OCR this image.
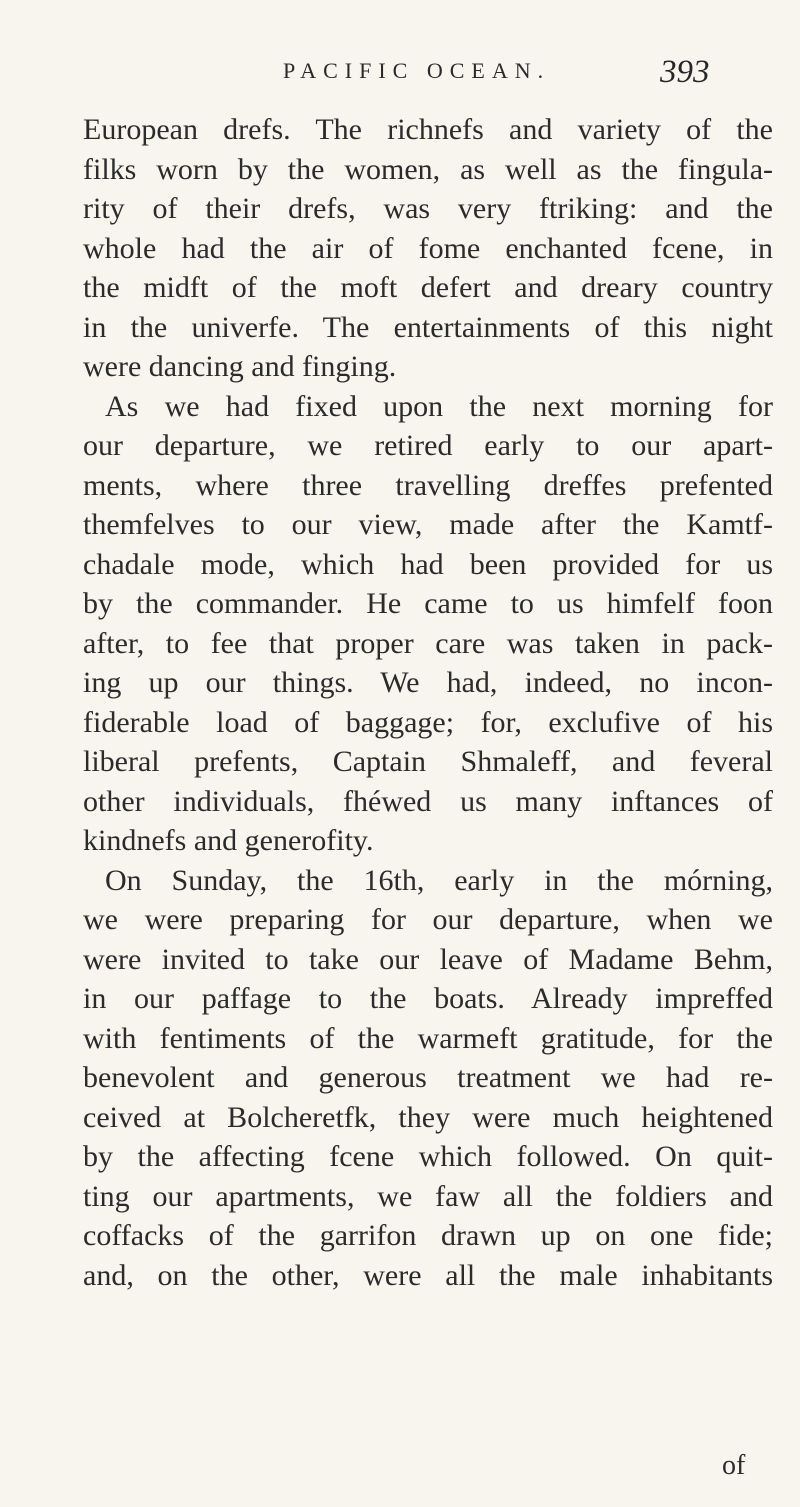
PACIFIC OCEAN.	393
European drefs. The richnefs and variety of the
filks worn by the women, as well as the fingula-
rity of their drefs, was very ftriking: and the
whole had the air of fome enchanted fcene, in
the midft of the moft defert and dreary country
in the univerfe. The entertainments of this night
were dancing and finging.
As we had fixed upon the next morning for
our departure, we retired early to our apart-
ments, where three travelling dreffes prefented
themfelves to our view, made after the Kamtf-
chadale mode, which had been provided for us
by the commander. He came to us himfelf foon
after, to fee that proper care was taken in pack-
ing up our things. We had, indeed, no incon-
fiderable load of baggage; for, exclufive of his
liberal prefents, Captain Shmaleff, and feveral
other individuals, fhéwed us many inftances of
kindnefs and generofity.
On Sunday, the 16th, early in the mórning,
we were preparing for our departure, when we
were invited to take our leave of Madame Behm,
in our paffage to the boats. Already impreffed
with fentiments of the warmeft gratitude, for the
benevolent and generous treatment we had re-
ceived at Bolcheretfk, they were much heightened
by the affecting fcene which followed. On quit-
ting our apartments, we faw all the foldiers and
coffacks of the garrifon drawn up on one fide;
and, on the other, were all the male inhabitants
of
